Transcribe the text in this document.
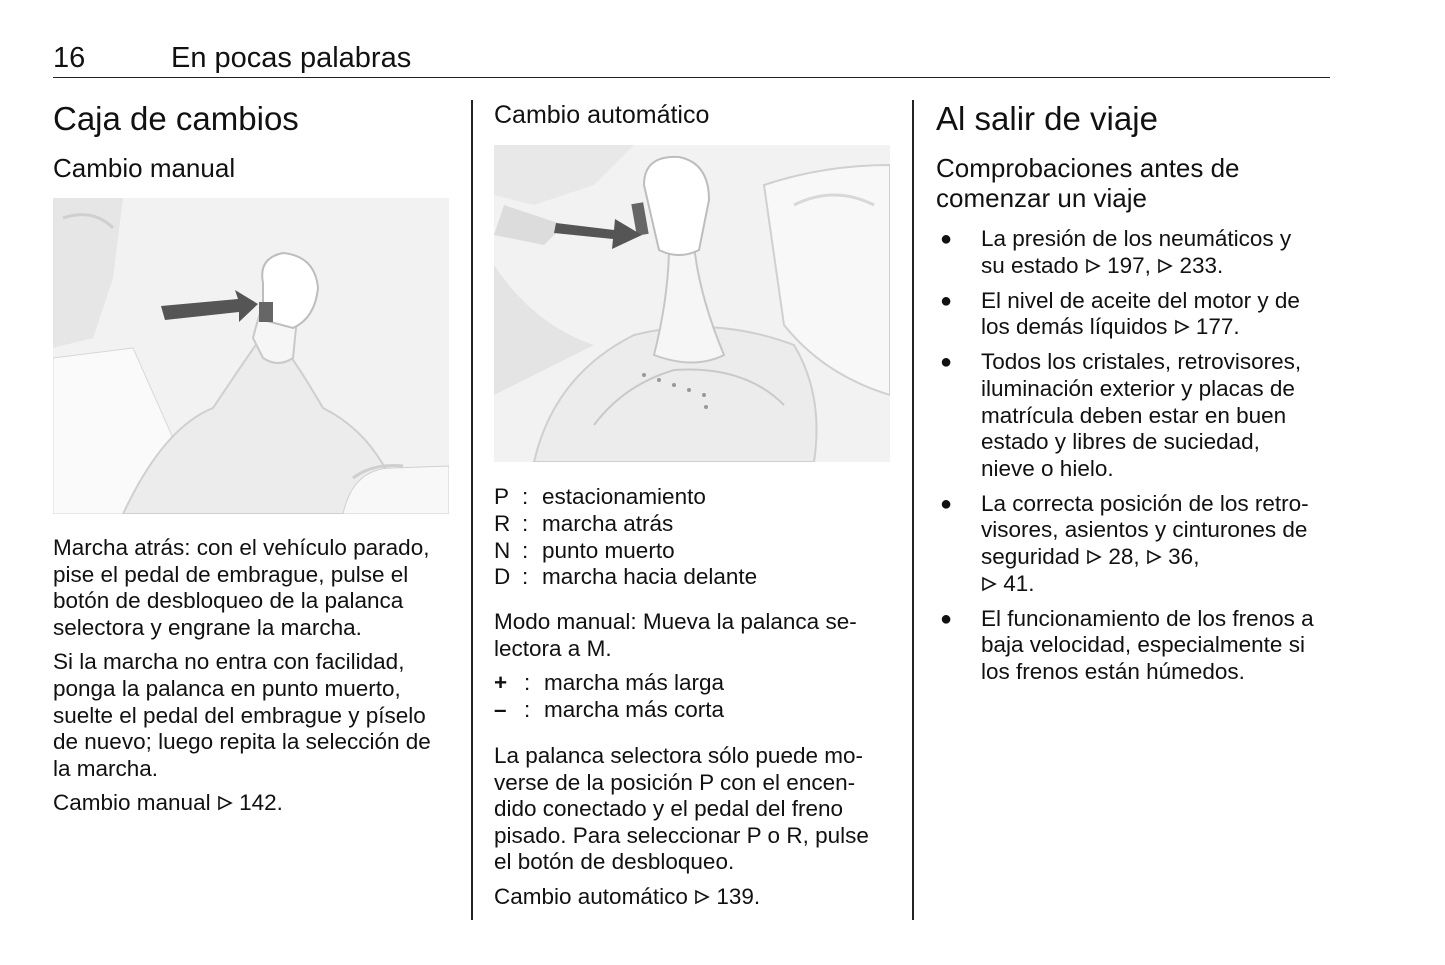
16	En pocas palabras
Caja de cambios
Cambio manual

Marcha atrás: con el vehículo parado, pise el pedal de embrague, pulse el botón de desbloqueo de la palanca selectora y engrane la marcha.

Si la marcha no entra con facilidad, ponga la palanca en punto muerto, suelte el pedal del embrague y píselo de nuevo; luego repita la selección de la marcha.

Cambio manual 142.

Cambio automático
P : estacionamiento
R : marcha atrás
N : punto muerto
D : marcha hacia delante

Modo manual: Mueva la palanca se-
lectora a M.

+ : marcha más larga
– : marcha más corta

La palanca selectora sólo puede mo-
verse de la posición P con el encen-
dido conectado y el pedal del freno
pisado. Para seleccionar P o R, pulse
el botón de desbloqueo.

Cambio automático 139.

Al salir de viaje
Comprobaciones antes de
comenzar un viaje
● La presión de los neumáticos y
su estado 197, 233.
● El nivel de aceite del motor y de
los demás líquidos 177.
● Todos los cristales, retrovisores,
iluminación exterior y placas de
matrícula deben estar en buen
estado y libres de suciedad,
nieve o hielo.
● La correcta posición de los retro-
visores, asientos y cinturones de
seguridad 28, 36,
41.
● El funcionamiento de los frenos a
baja velocidad, especialmente si
los frenos están húmedos.
